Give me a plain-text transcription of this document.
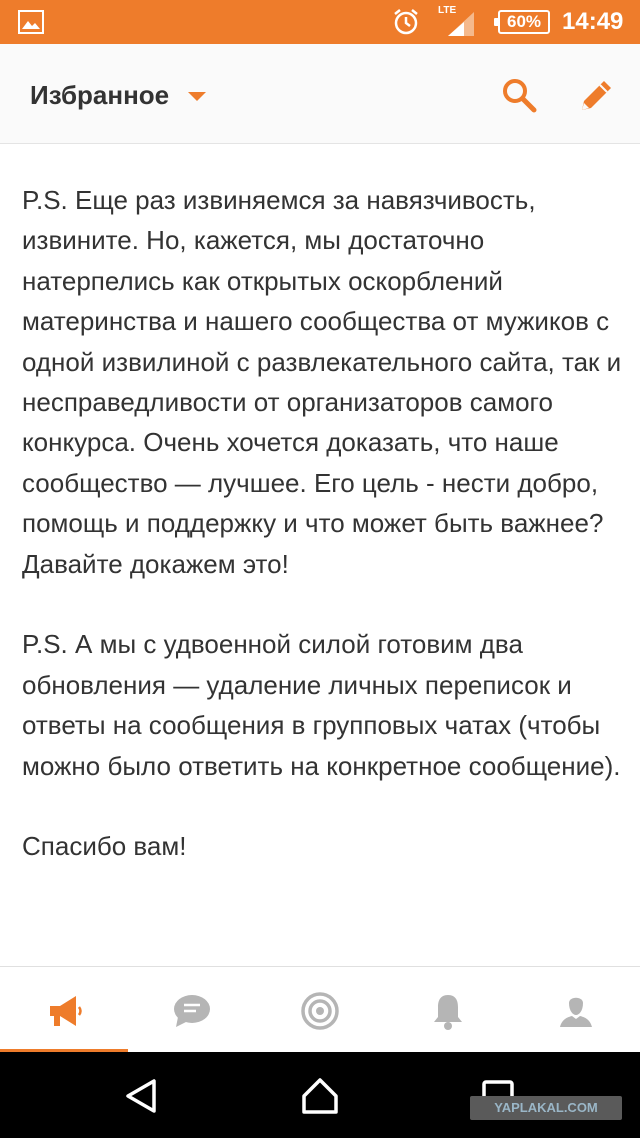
LTE
60% 14:49
Избранное

P.S. Еще раз извиняемся за навязчивость, извините. Но, кажется, мы достаточно натерпелись как открытых оскорблений материнства и нашего сообщества от мужиков с одной извилиной с развлекательного сайта, так и несправедливости от организаторов самого конкурса. Очень хочется доказать, что наше сообщество — лучшее. Его цель - нести добро, помощь и поддержку и что может быть важнее? Давайте докажем это!

P.S. А мы с удвоенной силой готовим два обновления — удаление личных переписок и ответы на сообщения в групповых чатах (чтобы можно было ответить на конкретное сообщение).

Спасибо вам!

YAPLAKAL.COM
